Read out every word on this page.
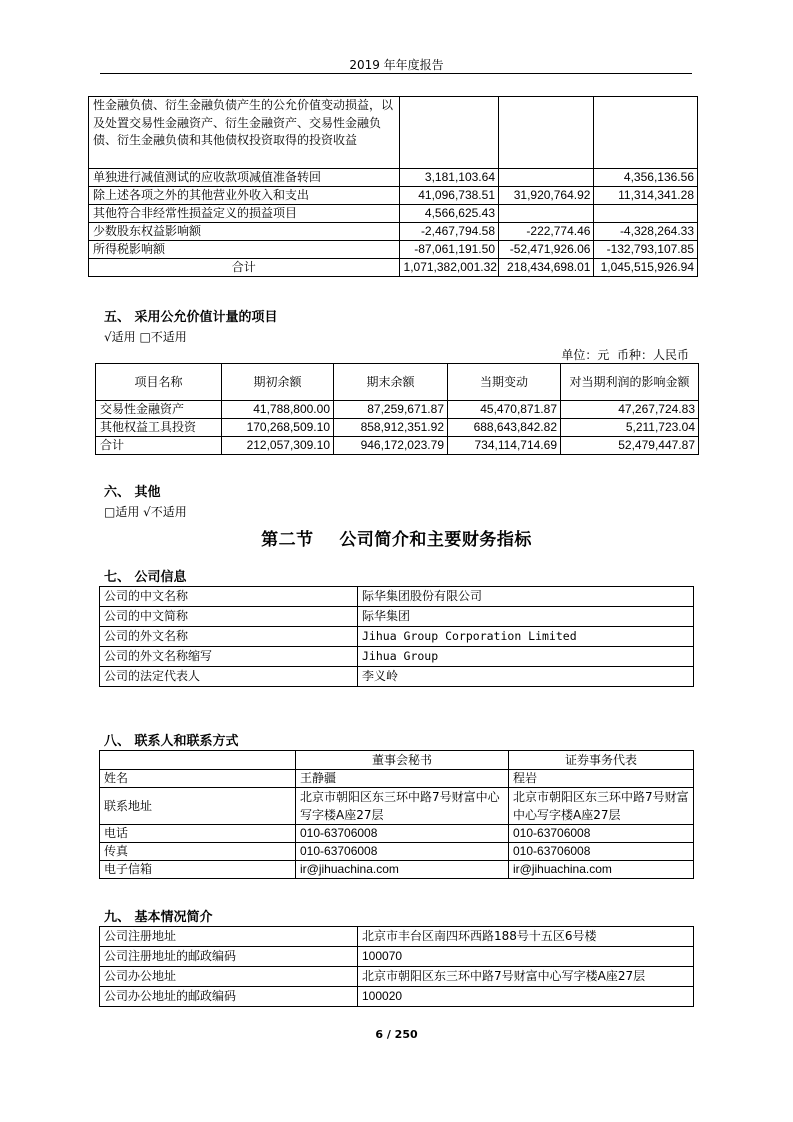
2019 年年度报告
性金融负债、衍生金融负债产生的公允价值变动损益，以及处置交易性金融资产、衍生金融资产、交易性金融负债、衍生金融负债和其他债权投资取得的投资收益			
单独进行减值测试的应收款项减值准备转回	3,181,103.64		4,356,136.56
除上述各项之外的其他营业外收入和支出	41,096,738.51	31,920,764.92	11,314,341.28
其他符合非经常性损益定义的损益项目	4,566,625.43		
少数股东权益影响额	-2,467,794.58	-222,774.46	-4,328,264.33
所得税影响额	-87,061,191.50	-52,471,926.06	-132,793,107.85
合计	1,071,382,001.32	218,434,698.01	1,045,515,926.94
五、 采用公允价值计量的项目
√适用 □不适用
单位：元  币种：人民币
项目名称	期初余额	期末余额	当期变动	对当期利润的影响金额
交易性金融资产	41,788,800.00	87,259,671.87	45,470,871.87	47,267,724.83
其他权益工具投资	170,268,509.10	858,912,351.92	688,643,842.82	5,211,723.04
合计	212,057,309.10	946,172,023.79	734,114,714.69	52,479,447.87
六、 其他
□适用 √不适用
第二节    公司简介和主要财务指标
七、 公司信息
公司的中文名称	际华集团股份有限公司
公司的中文简称	际华集团
公司的外文名称	Jihua Group Corporation Limited
公司的外文名称缩写	Jihua Group
公司的法定代表人	李义岭
八、 联系人和联系方式
	董事会秘书	证券事务代表
姓名	王静疆	程岩
联系地址	北京市朝阳区东三环中路7号财富中心写字楼A座27层	北京市朝阳区东三环中路7号财富中心写字楼A座27层
电话	010-63706008	010-63706008
传真	010-63706008	010-63706008
电子信箱	ir@jihuachina.com	ir@jihuachina.com
九、 基本情况简介
公司注册地址	北京市丰台区南四环西路188号十五区6号楼
公司注册地址的邮政编码	100070
公司办公地址	北京市朝阳区东三环中路7号财富中心写字楼A座27层
公司办公地址的邮政编码	100020
6 / 250
